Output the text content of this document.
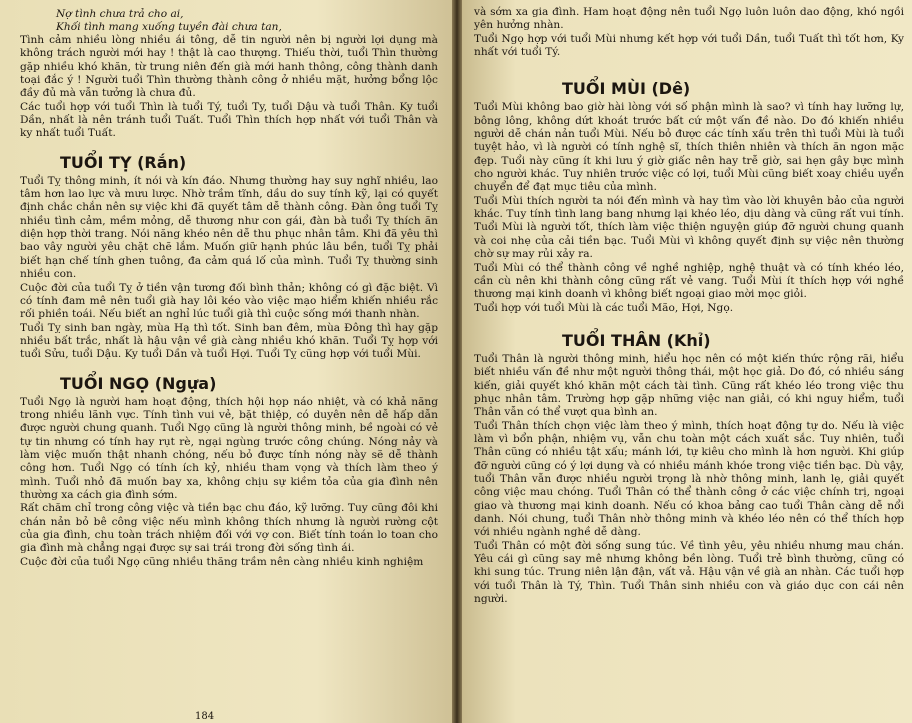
Nợ tình chưa trả cho ai,

Khối tình mang xuống tuyền đài chưa tan,

Tình cảm nhiều lòng nhiều ái tông, dễ tin người nên bị người lợi dụng mà không trách người mới hay ! thật là cao thượng. Thiếu thời, tuổi Thìn thường gặp nhiều khó khăn, từ trung niên đến già mới hanh thông, công thành danh toại đắc ý ! Người tuổi Thìn thường thành công ở nhiều mặt, hưởng bổng lộc đầy đủ mà vẫn tưởng là chưa đủ.

Các tuổi hợp với tuổi Thìn là tuổi Tý, tuổi Ty, tuổi Dậu và tuổi Thân. Ky tuổi Dần, nhất là nên tránh tuổi Tuất. Tuổi Thìn thích hợp nhất với tuổi Thân và ky nhất tuổi Tuất.

TUỔI TỴ (Rắn)

Tuổi Tỵ thông minh, ít nói và kín đáo. Nhưng thường hay suy nghĩ nhiều, lao tâm hơn lao lực và mưu lược. Nhờ trầm tĩnh, dầu do suy tính kỹ, lại có quyết định chắc chắn nên sự việc khi đã quyết tâm dễ thành công. Đàn ông tuổi Tỵ nhiều tình cảm, mềm mỏng, dễ thương như con gái, đàn bà tuổi Tỵ thích ăn diện hợp thời trang. Nói năng khéo nên dễ thu phục nhân tâm. Khi đã yêu thì bao vây người yêu chặt chẽ lắm. Muốn giữ hạnh phúc lâu bền, tuổi Tỵ phải biết hạn chế tính ghen tuông, đa cảm quá lố của mình. Tuổi Tỵ thường sinh nhiều con.

Cuộc đời của tuổi Tỵ ở tiền vận tương đối bình thản; không có gì đặc biệt. Vì có tính đam mê nên tuổi già hay lôi kéo vào việc mạo hiểm khiến nhiều rắc rối phiền toái. Nếu biết an nghỉ lúc tuổi già thì cuộc sống mới thanh nhàn.

Tuổi Tỵ sinh ban ngày, mùa Hạ thì tốt. Sinh ban đêm, mùa Đông thì hay gặp nhiều bất trắc, nhất là hậu vận về già càng nhiều khó khăn. Tuổi Tỵ hợp với tuổi Sửu, tuổi Dậu. Ky tuổi Dần và tuổi Hợi. Tuổi Tỵ cũng hợp với tuổi Mùi.

TUỔI NGỌ (Ngựa)

Tuổi Ngọ là người ham hoạt động, thích hội họp náo nhiệt, và có khả năng trong nhiều lãnh vực. Tính tình vui vẻ, bặt thiệp, có duyên nên dễ hấp dẫn được người chung quanh. Tuổi Ngọ cũng là người thông minh, bề ngoài có vẻ tự tin nhưng có tính hay rụt rè, ngại ngùng trước công chúng. Nóng nảy và làm việc muốn thật nhanh chóng, nếu bỏ được tính nóng này sẽ dễ thành công hơn. Tuổi Ngọ có tính ích kỷ, nhiều tham vọng và thích làm theo ý mình. Tuổi nhỏ đã muốn bay xa, không chịu sự kiềm tỏa của gia đình nên thường xa cách gia đình sớm.

Rất chăm chỉ trong công việc và tiền bạc chu đáo, kỹ lưỡng. Tuy cũng đôi khi chán nản bỏ bê công việc nếu mình không thích nhưng là người rường cột của gia đình, chu toàn trách nhiệm đối với vợ con. Biết tính toán lo toan cho gia đình mà chẳng ngại được sự sai trái trong đời sống tình ái.

Cuộc đời của tuổi Ngọ cũng nhiều thăng trầm nên càng nhiều kinh nghiệm

184

và sớm xa gia đình. Ham hoạt động nên tuổi Ngọ luôn luôn dao động, khó ngồi yên hưởng nhàn.

Tuổi Ngọ hợp với tuổi Mùi nhưng kết hợp với tuổi Dần, tuổi Tuất thì tốt hơn, Ky nhất với tuổi Tý.

TUỔI MÙI (Dê)

Tuổi Mùi không bao giờ hài lòng với số phận mình là sao? vì tính hay lưỡng lự, bông lông, không dứt khoát trước bất cứ một vấn đề nào. Do đó khiến nhiều người dễ chán nản tuổi Mùi. Nếu bỏ được các tính xấu trên thì tuổi Mùi là tuổi tuyệt hảo, vì là người có tính nghệ sĩ, thích thiên nhiên và thích ăn ngon mặc đẹp. Tuổi này cũng ít khi lưu ý giờ giấc nên hay trễ giờ, sai hẹn gây bực mình cho người khác. Tuy nhiên trước việc có lợi, tuổi Mùi cũng biết xoay chiều uyển chuyển để đạt mục tiêu của mình.

Tuổi Mùi thích người ta nói đến mình và hay tìm vào lời khuyên bảo của người khác. Tuy tính tình lang bang nhưng lại khéo léo, dịu dàng và cũng rất vui tính. Tuổi Mùi là người tốt, thích làm việc thiện nguyện giúp đỡ người chung quanh và coi nhẹ của cải tiền bạc. Tuổi Mùi vì không quyết định sự việc nên thường chờ sự may rủi xảy ra.

Tuổi Mùi có thể thành công về nghề nghiệp, nghệ thuật và có tính khéo léo, cần cù nên khi thành công cũng rất vẻ vang. Tuổi Mùi ít thích hợp với nghề thương mại kinh doanh vì không biết ngoại giao mời mọc giỏi.

Tuổi hợp với tuổi Mùi là các tuổi Mão, Hợi, Ngọ.

TUỔI THÂN (Khỉ)

Tuổi Thân là người thông minh, hiểu học nên có một kiến thức rộng rãi, hiểu biết nhiều vấn đề như một người thông thái, một học giả. Do đó, có nhiều sáng kiến, giải quyết khó khăn một cách tài tình. Cũng rất khéo léo trong việc thu phục nhân tâm. Trường hợp gặp những việc nan giải, có khi nguy hiểm, tuổi Thân vẫn có thể vượt qua bình an.

Tuổi Thân thích chọn việc làm theo ý mình, thích hoạt động tự do. Nếu là việc làm vì bổn phận, nhiệm vụ, vẫn chu toàn một cách xuất sắc. Tuy nhiên, tuổi Thân cũng có nhiều tật xấu; mánh lới, tự kiêu cho mình là hơn người. Khi giúp đỡ người cũng có ý lợi dụng và có nhiều mánh khóe trong việc tiền bạc. Dù vậy, tuổi Thân vẫn được nhiều người trọng là nhờ thông minh, lanh lẹ, giải quyết công việc mau chóng. Tuổi Thân có thể thành công ở các việc chính trị, ngoại giao và thương mại kinh doanh. Nếu có khoa bảng cao tuổi Thân càng dễ nổi danh. Nói chung, tuổi Thân nhờ thông minh và khéo léo nên có thể thích hợp với nhiều ngành nghề dễ dàng.

Tuổi Thân có một đời sống sung túc. Về tình yêu, yêu nhiều nhưng mau chán. Yêu cái gì cũng say mê nhưng không bền lòng. Tuổi trẻ bình thường, cũng có khi sung túc. Trung niên lận đận, vất vả. Hậu vận về già an nhàn. Các tuổi hợp với tuổi Thân là Tý, Thìn. Tuổi Thân sinh nhiều con và giáo dục con cái nên người.
